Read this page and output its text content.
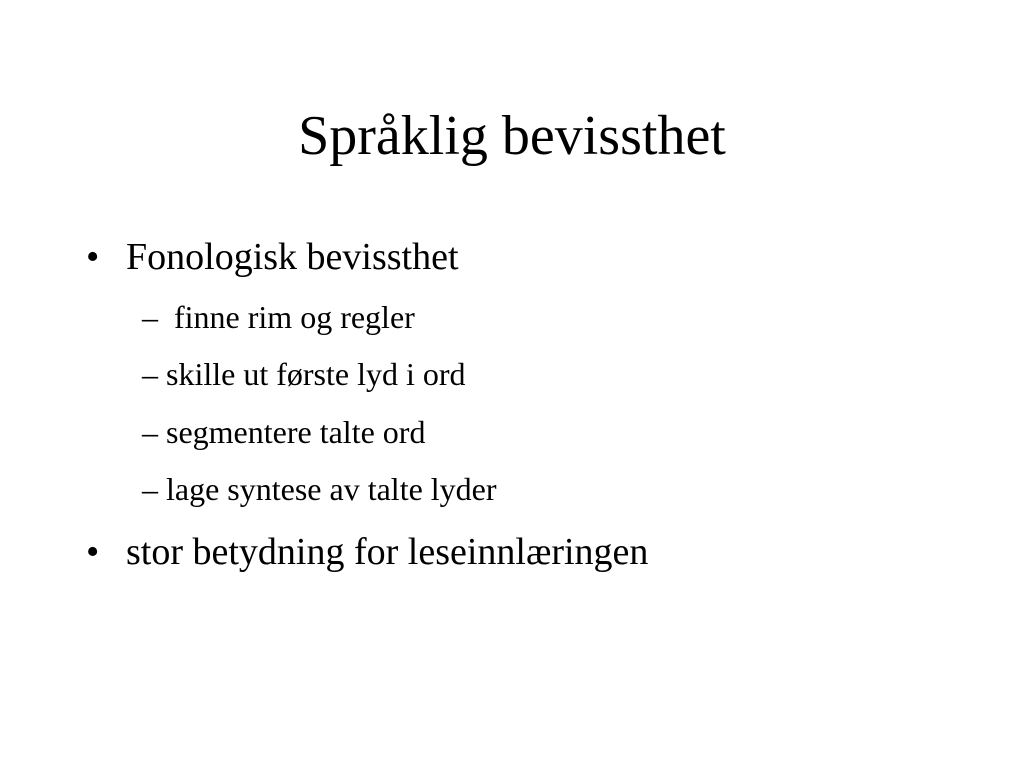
Språklig bevissthet
• Fonologisk bevissthet
–  finne rim og regler
– skille ut første lyd i ord
– segmentere talte ord
– lage syntese av talte lyder
• stor betydning for leseinnlæringen
